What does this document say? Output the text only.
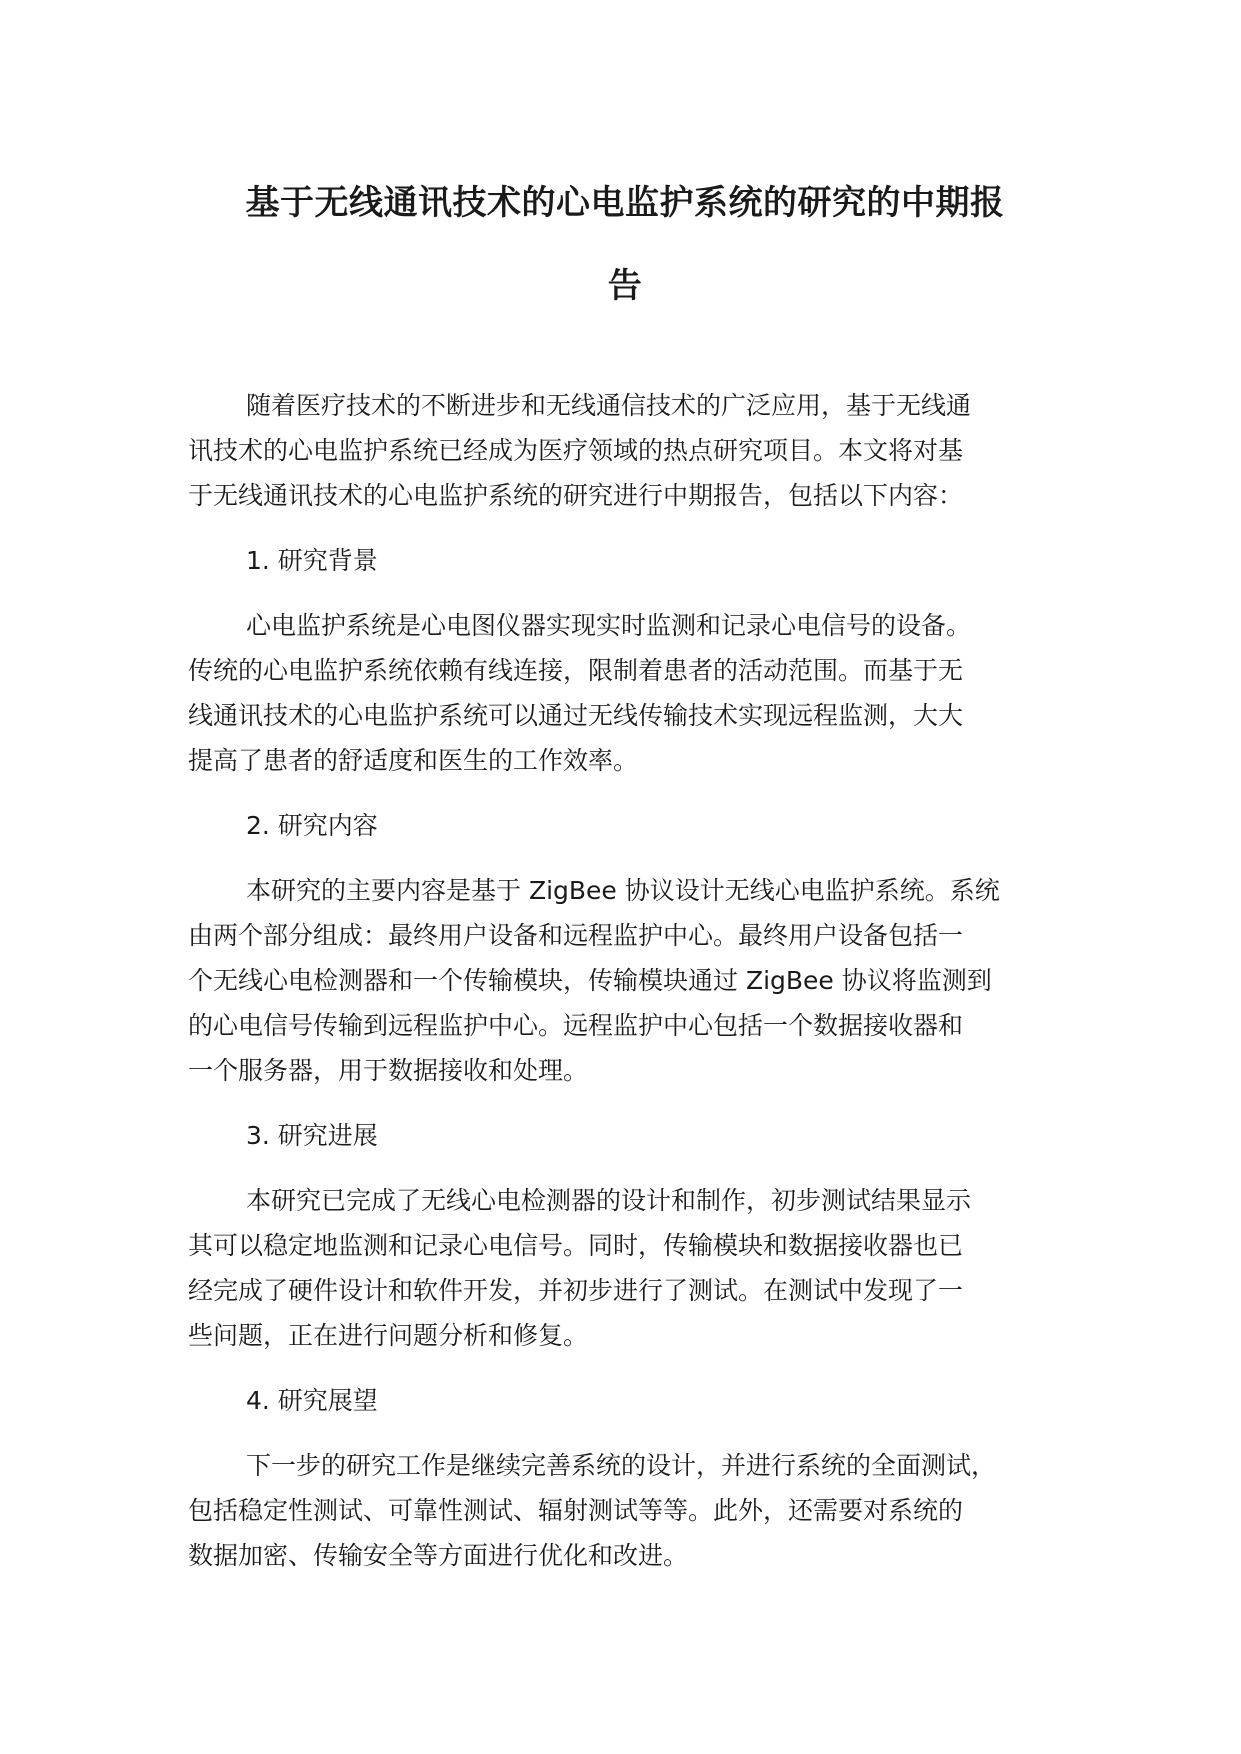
基于无线通讯技术的心电监护系统的研究的中期报
告

随着医疗技术的不断进步和无线通信技术的广泛应用，基于无线通
讯技术的心电监护系统已经成为医疗领域的热点研究项目。本文将对基
于无线通讯技术的心电监护系统的研究进行中期报告，包括以下内容：

1. 研究背景

心电监护系统是心电图仪器实现实时监测和记录心电信号的设备。
传统的心电监护系统依赖有线连接，限制着患者的活动范围。而基于无
线通讯技术的心电监护系统可以通过无线传输技术实现远程监测，大大
提高了患者的舒适度和医生的工作效率。

2. 研究内容

本研究的主要内容是基于 ZigBee 协议设计无线心电监护系统。系统
由两个部分组成：最终用户设备和远程监护中心。最终用户设备包括一
个无线心电检测器和一个传输模块，传输模块通过 ZigBee 协议将监测到
的心电信号传输到远程监护中心。远程监护中心包括一个数据接收器和
一个服务器，用于数据接收和处理。

3. 研究进展

本研究已完成了无线心电检测器的设计和制作，初步测试结果显示
其可以稳定地监测和记录心电信号。同时，传输模块和数据接收器也已
经完成了硬件设计和软件开发，并初步进行了测试。在测试中发现了一
些问题，正在进行问题分析和修复。

4. 研究展望

下一步的研究工作是继续完善系统的设计，并进行系统的全面测试，
包括稳定性测试、可靠性测试、辐射测试等等。此外，还需要对系统的
数据加密、传输安全等方面进行优化和改进。
